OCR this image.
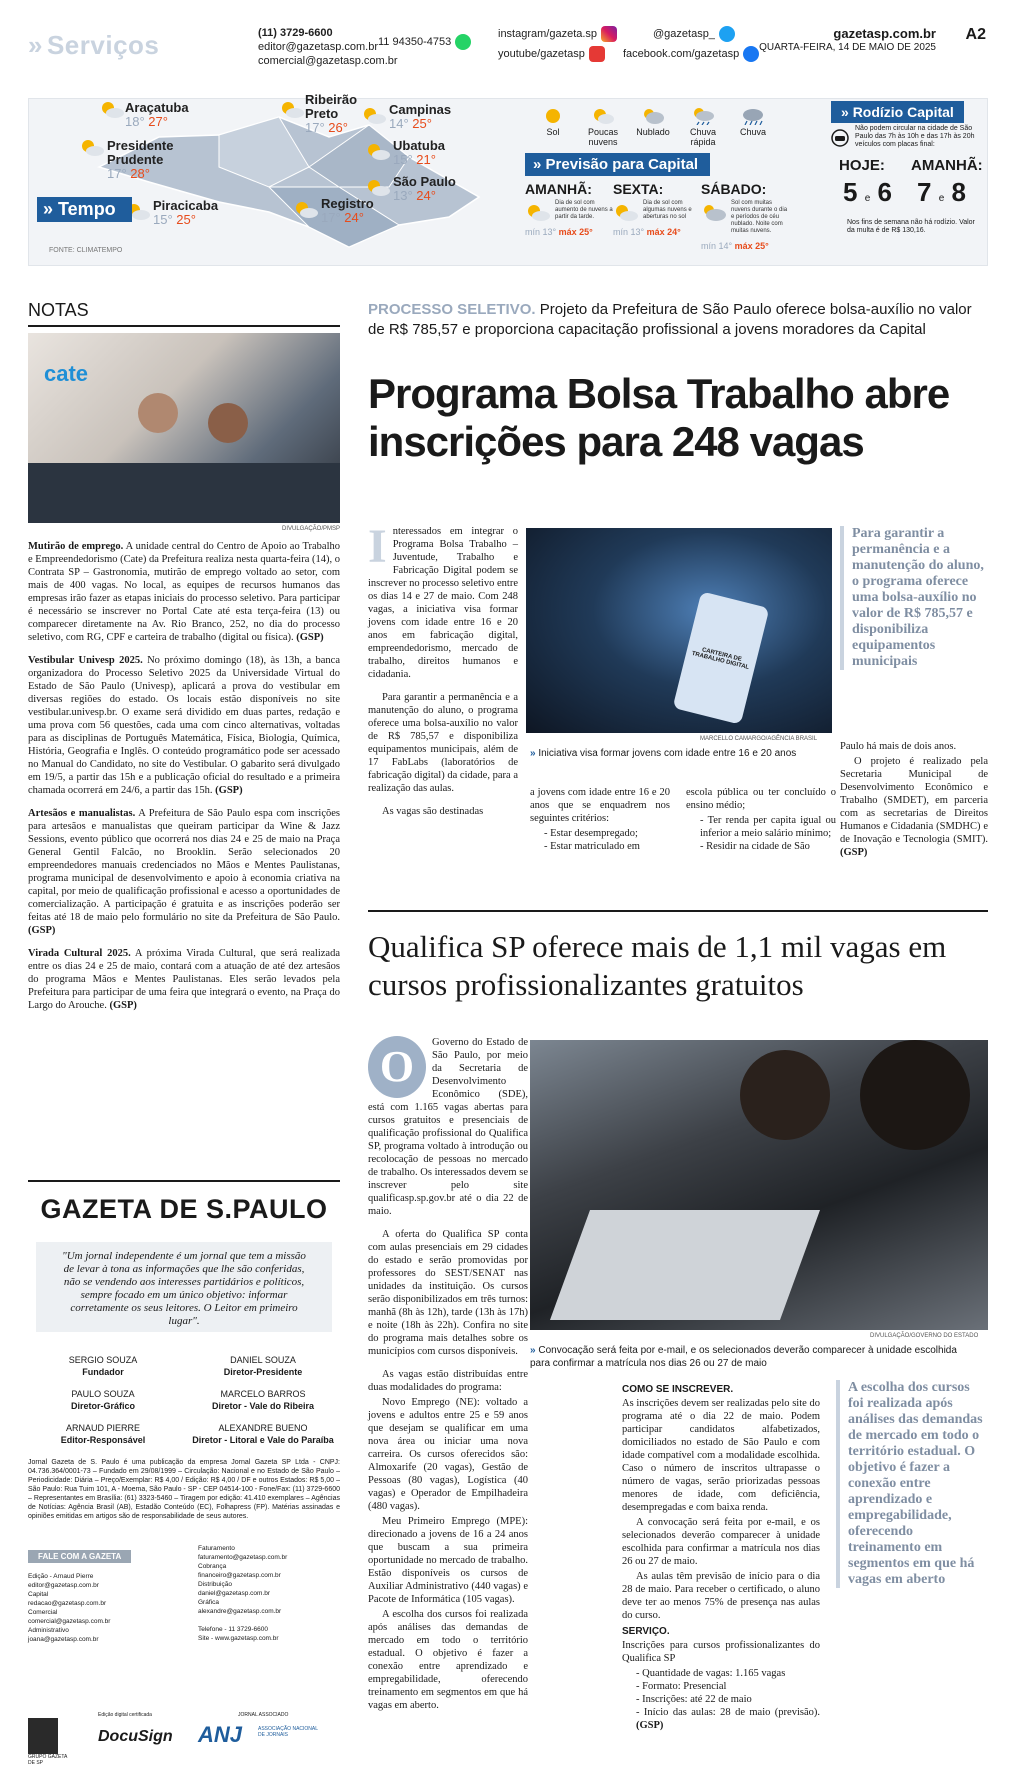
» Serviços	(11) 3729-6600
editor@gazetasp.com.br
comercial@gazetasp.com.br
11 94350-4753
instagram/gazeta.sp
youtube/gazetasp
@gazetasp_
facebook.com/gazetasp
gazetasp.com.br
QUARTA-FEIRA, 14 DE MAIO DE 2025
A2
Araçatuba
18° 27°
Presidente Prudente
17° 28°
Piracicaba
15° 25°
Ribeirão Preto
17° 26°
Campinas
14° 25°
Ubatuba
15° 21°
São Paulo
13° 24°
Registro
17° 24°
» Tempo
FONTE: CLIMATEMPO
Sol	Poucas nuvens
Nublado	Chuva rápida
Chuva
» Previsão para Capital
AMANHÃ:
Dia de sol com aumento de nuvens a partir da tarde.
mín 13° máx 25°
SEXTA:
Dia de sol com algumas nuvens e aberturas no sol
mín 13° máx 24°
SÁBADO:
Sol com muitas nuvens durante o dia e períodos de céu nublado. Noite com muitas nuvens.
mín 14° máx 25°
» Rodízio Capital
Não podem circular na cidade de São Paulo das 7h às 10h e das 17h às 20h veículos com placas final:
HOJE: AMANHÃ:
5 e 6 7 e 8
Nos fins de semana não há rodízio. Valor da multa é de R$ 130,16.
NOTAS
cate
DIVULGAÇÃO/PMSP

Mutirão de emprego. A unidade central do Centro de Apoio ao Trabalho e Empreendedorismo (Cate) da Prefeitura realiza nesta quarta-feira (14), o Contrata SP – Gastronomia, mutirão de emprego voltado ao setor, com mais de 400 vagas. No local, as equipes de recursos humanos das empresas irão fazer as etapas iniciais do processo seletivo. Para participar é necessário se inscrever no Portal Cate até esta terça-feira (13) ou comparecer diretamente na Av. Rio Branco, 252, no dia do processo seletivo, com RG, CPF e carteira de trabalho (digital ou física). (GSP)

Vestibular Univesp 2025. No próximo domingo (18), às 13h, a banca organizadora do Processo Seletivo 2025 da Universidade Virtual do Estado de São Paulo (Univesp), aplicará a prova do vestibular em diversas regiões do estado. Os locais estão disponíveis no site vestibular.univesp.br. O exame será dividido em duas partes, redação e uma prova com 56 questões, cada uma com cinco alternativas, voltadas para as disciplinas de Português Matemática, Física, Biologia, Química, História, Geografia e Inglês. O conteúdo programático pode ser acessado no Manual do Candidato, no site do Vestibular. O gabarito será divulgado em 19/5, a partir das 15h e a publicação oficial do resultado e a primeira chamada ocorrerá em 24/6, a partir das 15h. (GSP)

Artesãos e manualistas. A Prefeitura de São Paulo espa com inscrições para artesãos e manualistas que queiram participar da Wine & Jazz Sessions, evento público que ocorrerá nos dias 24 e 25 de maio na Praça General Gentil Falcão, no Brooklin. Serão selecionados 20 empreendedores manuais credenciados no Mãos e Mentes Paulistanas, programa municipal de desenvolvimento e apoio à economia criativa na capital, por meio de qualificação profissional e acesso a oportunidades de comercialização. A participação é gratuita e as inscrições poderão ser feitas até 18 de maio pelo formulário no site da Prefeitura de São Paulo. (GSP)

Virada Cultural 2025. A próxima Virada Cultural, que será realizada entre os dias 24 e 25 de maio, contará com a atuação de até dez artesãos do programa Mãos e Mentes Paulistanas. Eles serão levados pela Prefeitura para participar de uma feira que integrará o evento, na Praça do Largo do Arouche. (GSP)

GAZETA DE S.PAULO
"Um jornal independente é um jornal que tem a missão de levar à tona as informações que lhe são conferidas, não se vendendo aos interesses partidários e políticos, sempre focado em um único objetivo: informar corretamente os seus leitores. O Leitor em primeiro lugar".
SERGIO SOUZA
Fundador
DANIEL SOUZA
Diretor-Presidente
PAULO SOUZA
Diretor-Gráfico
MARCELO BARROS
Diretor - Vale do Ribeira
ARNAUD PIERRE
Editor-Responsável
ALEXANDRE BUENO
Diretor - Litoral e Vale do Paraíba
Jornal Gazeta de S. Paulo é uma publicação da empresa Jornal Gazeta SP Ltda - CNPJ: 04.736.364/0001-73 – Fundado em 29/08/1999 – Circulação: Nacional e no Estado de São Paulo – Periodicidade: Diária – Preço/Exemplar: R$ 4,00 / Edição: R$ 4,00 / DF e outros Estados: R$ 5,00 – São Paulo: Rua Tuim 101, A - Moema, São Paulo - SP - CEP 04514-100 - Fone/Fax: (11) 3729-6600 – Representantes em Brasília: (61) 3323-5460 – Tiragem por edição: 41.410 exemplares – Agências de Notícias: Agência Brasil (AB), Estadão Conteúdo (EC), Folhapress (FP). Matérias assinadas e opiniões emitidas em artigos são de responsabilidade de seus autores.
FALE COM A GAZETA
Edição - Arnaud Pierre
editor@gazetasp.com.br
Capital
redacao@gazetasp.com.br
Comercial
comercial@gazetasp.com.br
Administrativo
joana@gazetasp.com.br
Faturamento
faturamento@gazetasp.com.br
Cobrança
financeiro@gazetasp.com.br
Distribuição
daniel@gazetasp.com.br
Gráfica
alexandre@gazetasp.com.br

Telefone - 11 3729-6600
Site - www.gazetasp.com.br
GRUPO GAZETA DE SP
Edição digital certificada
DocuSign
JORNAL ASSOCIADO
ANJ	ASSOCIAÇÃO NACIONAL DE JORNAIS
PROCESSO SELETIVO. Projeto da Prefeitura de São Paulo oferece bolsa-auxílio no valor de R$ 785,57 e proporciona capacitação profissional a jovens moradores da Capital
Programa Bolsa Trabalho abre inscrições para 248 vagas

Interessados em integrar o Programa Bolsa Trabalho – Juventude, Trabalho e Fabricação Digital podem se inscrever no processo seletivo entre os dias 14 e 27 de maio. Com 248 vagas, a iniciativa visa formar jovens com idade entre 16 e 20 anos em fabricação digital, empreendedorismo, mercado de trabalho, direitos humanos e cidadania.

Para garantir a permanência e a manutenção do aluno, o programa oferece uma bolsa-auxílio no valor de R$ 785,57 e disponibiliza equipamentos municipais, além de 17 FabLabs (laboratórios de fabricação digital) da cidade, para a realização das aulas.

As vagas são destinadas

CARTEIRA DE TRABALHO DIGITAL
MARCELLO CAMARGO/AGÊNCIA BRASIL
» Iniciativa visa formar jovens com idade entre 16 e 20 anos
Para garantir a permanência e a manutenção do aluno, o programa oferece uma bolsa-auxílio no valor de R$ 785,57 e disponibiliza equipamentos municipais

a jovens com idade entre 16 e 20 anos que se enquadrem nos seguintes critérios:

- Estar desempregado;
- Estar matriculado em

escola pública ou ter concluído o ensino médio;

- Ter renda per capita igual ou inferior a meio salário mínimo;
- Residir na cidade de São

Paulo há mais de dois anos.

O projeto é realizado pela Secretaria Municipal de Desenvolvimento Econômico e Trabalho (SMDET), em parceria com as secretarias de Direitos Humanos e Cidadania (SMDHC) e de Inovação e Tecnologia (SMIT). (GSP)

Qualifica SP oferece mais de 1,1 mil vagas em cursos profissionalizantes gratuitos

O	Governo do Estado de São Paulo, por meio da Secretaria de Desenvolvimento Econômico (SDE), está com 1.165 vagas abertas para cursos gratuitos e presenciais de qualificação profissional do Qualifica SP, programa voltado à introdução ou recolocação de pessoas no mercado de trabalho. Os interessados devem se inscrever pelo site qualificasp.sp.gov.br até o dia 22 de maio.

A oferta do Qualifica SP conta com aulas presenciais em 29 cidades do estado e serão promovidas por professores do SEST/SENAT nas unidades da instituição. Os cursos serão disponibilizados em três turnos: manhã (8h às 12h), tarde (13h às 17h) e noite (18h às 22h). Confira no site do programa mais detalhes sobre os municípios com cursos disponíveis.

As vagas estão distribuídas entre duas modalidades do programa:

Novo Emprego (NE): voltado a jovens e adultos entre 25 e 59 anos que desejam se qualificar em uma nova área ou iniciar uma nova carreira. Os cursos oferecidos são: Almoxarife (20 vagas), Gestão de Pessoas (80 vagas), Logística (40 vagas) e Operador de Empilhadeira (480 vagas).

Meu Primeiro Emprego (MPE): direcionado a jovens de 16 a 24 anos que buscam a sua primeira oportunidade no mercado de trabalho. Estão disponíveis os cursos de Auxiliar Administrativo (440 vagas) e Pacote de Informática (105 vagas).

A escolha dos cursos foi realizada após análises das demandas de mercado em todo o território estadual. O objetivo é fazer a conexão entre aprendizado e empregabilidade, oferecendo treinamento em segmentos em que há vagas em aberto.

DIVULGAÇÃO/GOVERNO DO ESTADO
» Convocação será feita por e-mail, e os selecionados deverão comparecer à unidade escolhida para confirmar a matrícula nos dias 26 ou 27 de maio
COMO SE INSCREVER.

As inscrições devem ser realizadas pelo site do programa até o dia 22 de maio. Podem participar candidatos alfabetizados, domiciliados no estado de São Paulo e com idade compatível com a modalidade escolhida. Caso o número de inscritos ultrapasse o número de vagas, serão priorizadas pessoas menores de idade, com deficiência, desempregadas e com baixa renda.

A convocação será feita por e-mail, e os selecionados deverão comparecer à unidade escolhida para confirmar a matrícula nos dias 26 ou 27 de maio.

As aulas têm previsão de início para o dia 28 de maio. Para receber o certificado, o aluno deve ter ao menos 75% de presença nas aulas do curso.

SERVIÇO.

Inscrições para cursos profissionalizantes do Qualifica SP

- Quantidade de vagas: 1.165 vagas
- Formato: Presencial
- Inscrições: até 22 de maio
- Início das aulas: 28 de maio (previsão). (GSP)
A escolha dos cursos foi realizada após análises das demandas de mercado em todo o território estadual. O objetivo é fazer a conexão entre aprendizado e empregabilidade, oferecendo treinamento em segmentos em que há vagas em aberto
